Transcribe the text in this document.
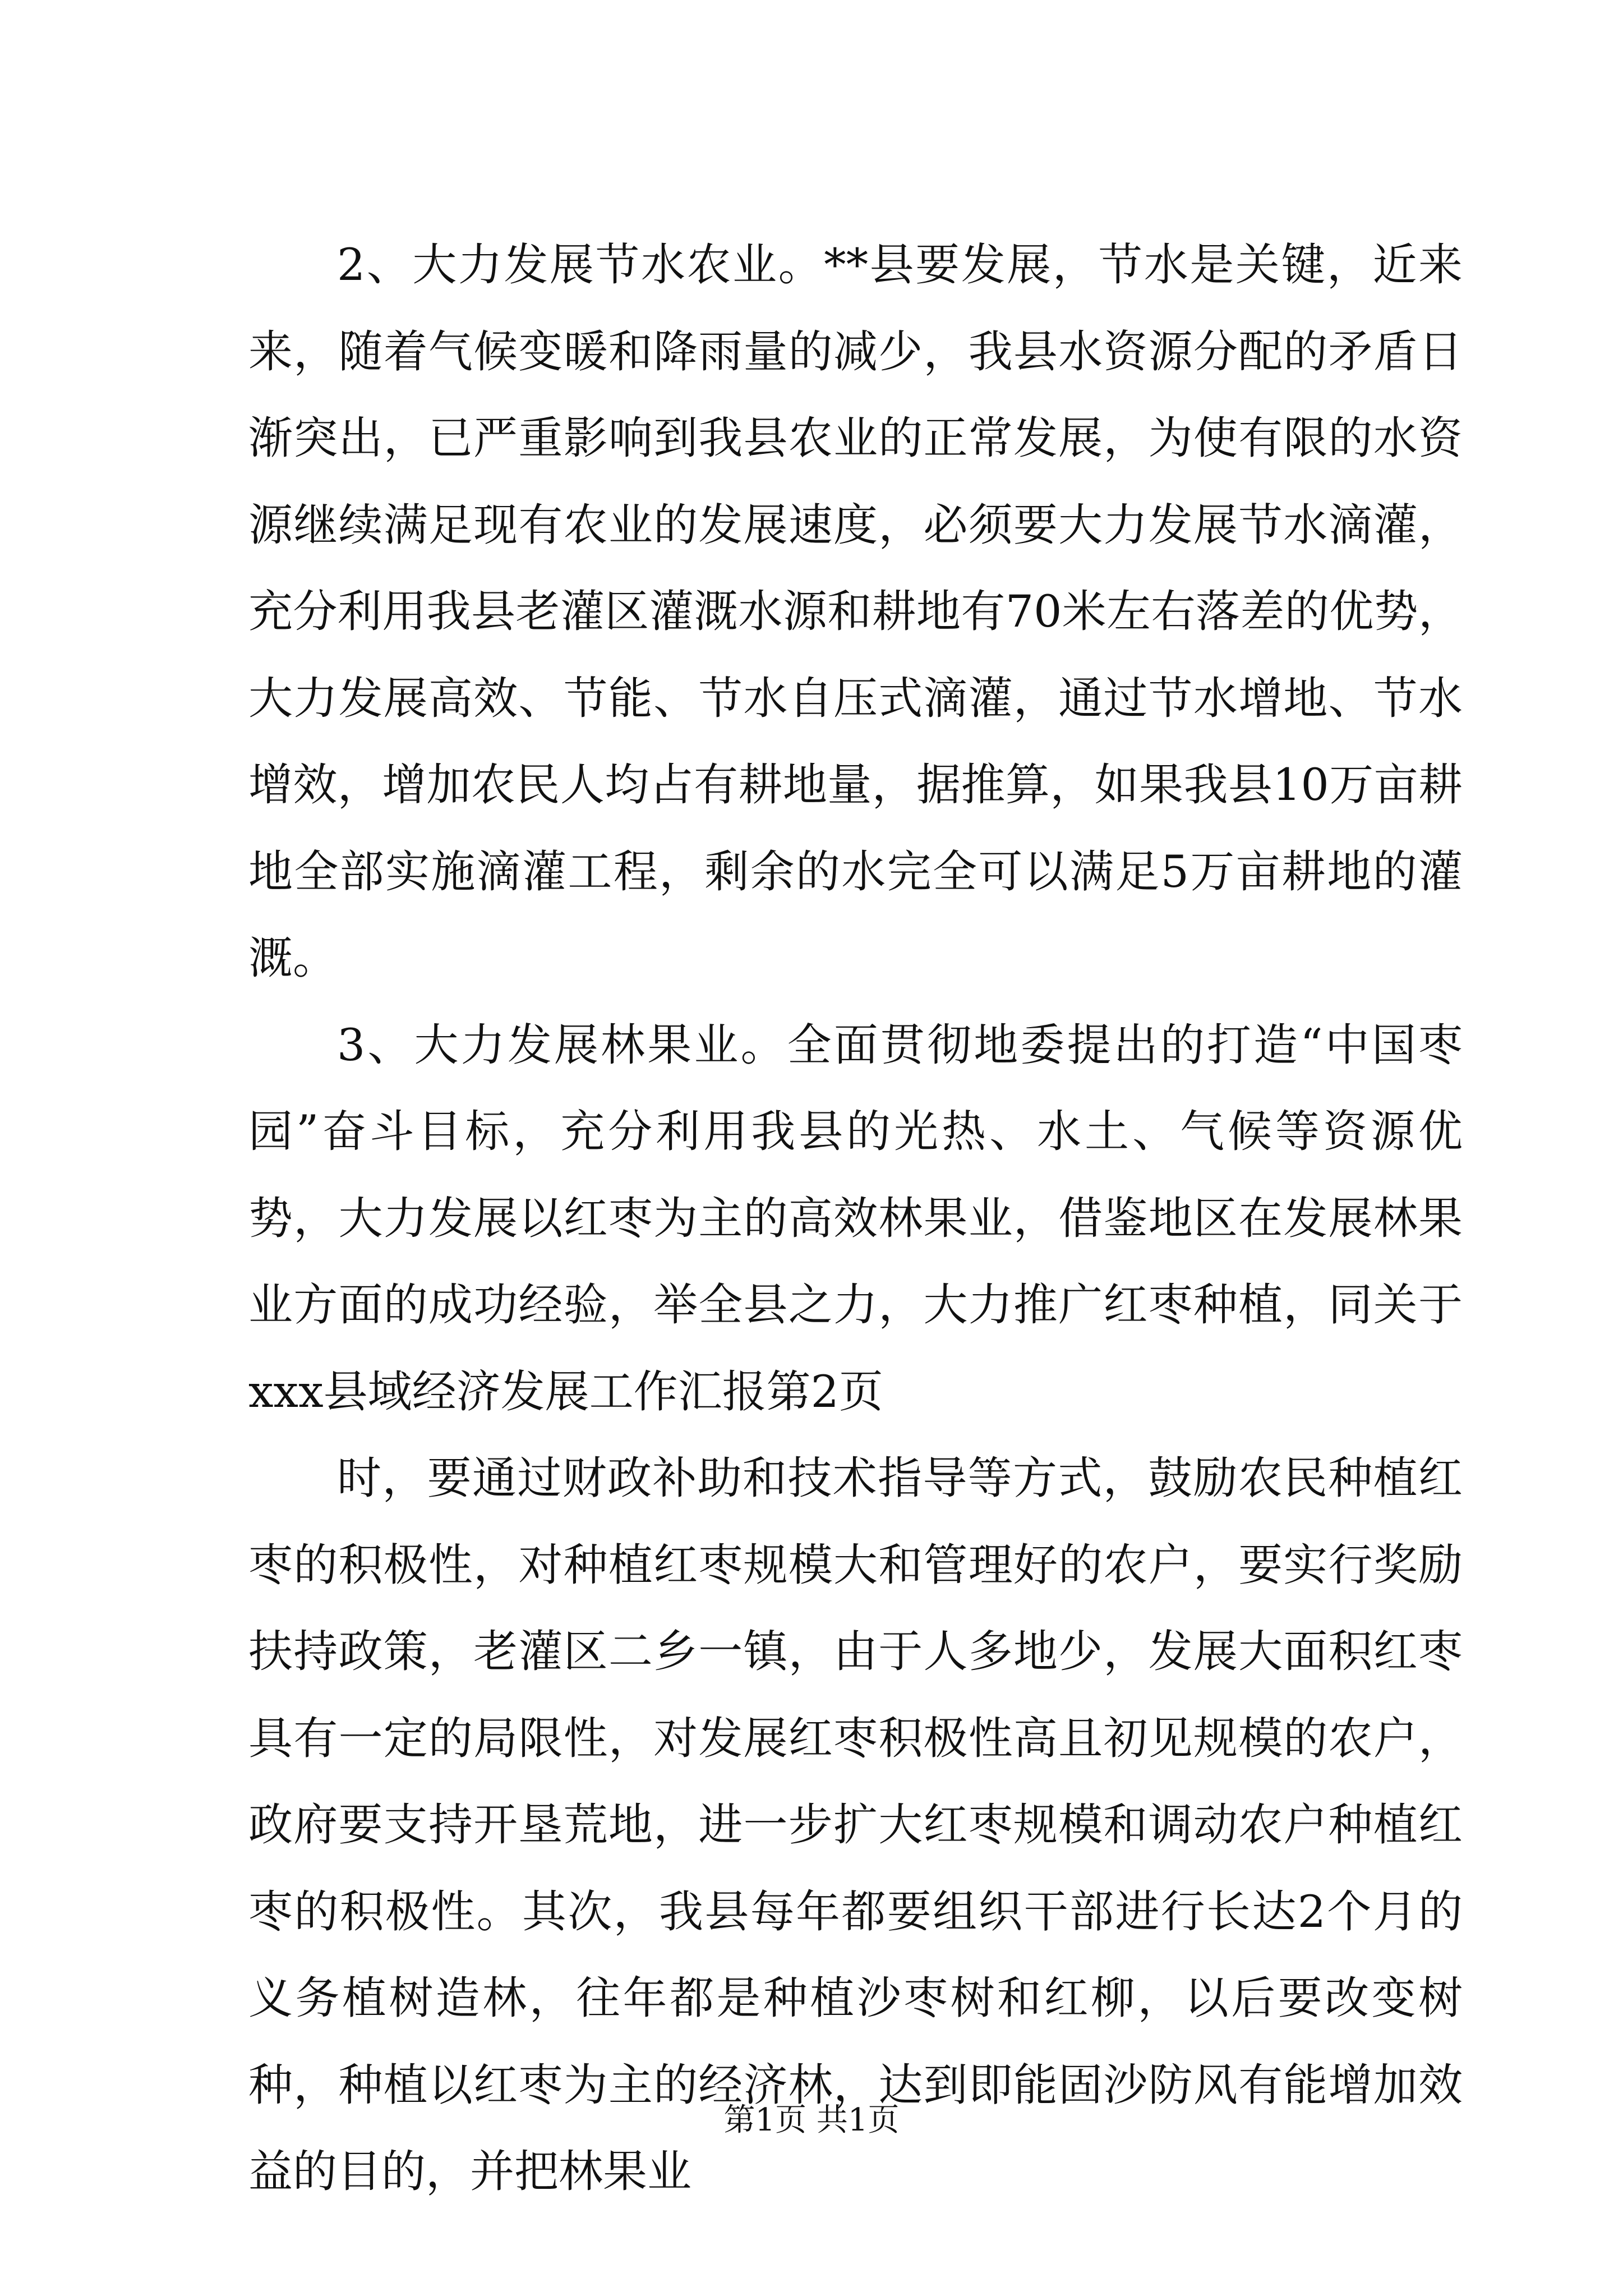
2、大力发展节水农业。**县要发展，节水是关键，近来来，随着气候变暖和降雨量的减少，我县水资源分配的矛盾日渐突出，已严重影响到我县农业的正常发展，为使有限的水资源继续满足现有农业的发展速度，必须要大力发展节水滴灌，充分利用我县老灌区灌溉水源和耕地有70米左右落差的优势，大力发展高效、节能、节水自压式滴灌，通过节水增地、节水增效，增加农民人均占有耕地量，据推算，如果我县10万亩耕地全部实施滴灌工程，剩余的水完全可以满足5万亩耕地的灌溉。

3、大力发展林果业。全面贯彻地委提出的打造“中国枣园”奋斗目标，充分利用我县的光热、水土、气候等资源优势，大力发展以红枣为主的高效林果业，借鉴地区在发展林果业方面的成功经验，举全县之力，大力推广红枣种植，同关于xxx县域经济发展工作汇报第2页

时，要通过财政补助和技术指导等方式，鼓励农民种植红枣的积极性，对种植红枣规模大和管理好的农户，要实行奖励扶持政策，老灌区二乡一镇，由于人多地少，发展大面积红枣具有一定的局限性，对发展红枣积极性高且初见规模的农户，政府要支持开垦荒地，进一步扩大红枣规模和调动农户种植红枣的积极性。其次，我县每年都要组织干部进行长达2个月的义务植树造林，往年都是种植沙枣树和红柳，以后要改变树种，种植以红枣为主的经济林，达到即能固沙防风有能增加效益的目的，并把林果业

第1页 共1页
